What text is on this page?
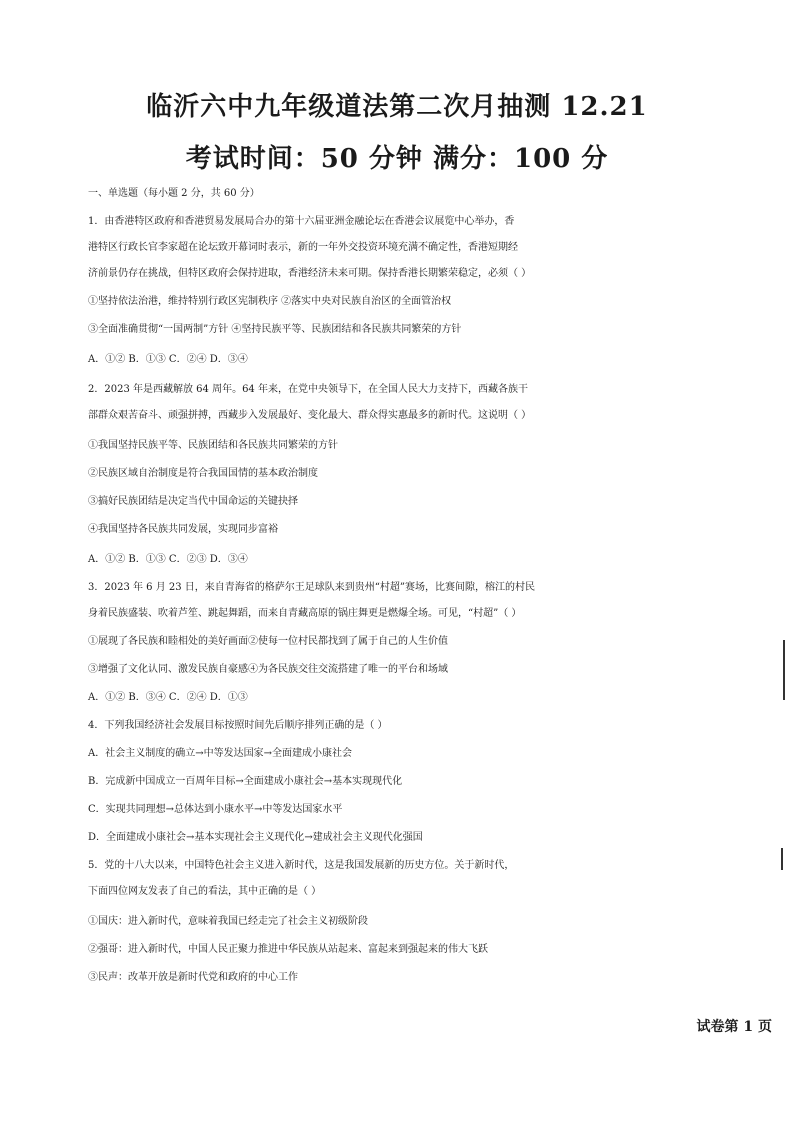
临沂六中九年级道法第二次月抽测 12.21
考试时间：50 分钟 满分：100 分
一、单选题（每小题 2 分，共 60 分）
1．由香港特区政府和香港贸易发展局合办的第十六届亚洲金融论坛在香港会议展览中心举办，香
港特区行政长官李家超在论坛致开幕词时表示，新的一年外交投资环境充满不确定性，香港短期经
济前景仍存在挑战，但特区政府会保持进取，香港经济未来可期。保持香港长期繁荣稳定，必须（ ）
①坚持依法治港，维持特别行政区宪制秩序 ②落实中央对民族自治区的全面管治权
③全面准确贯彻“一国两制”方针 ④坚持民族平等、民族团结和各民族共同繁荣的方针
A．①② B．①③ C．②④ D．③④
2．2023 年是西藏解放 64 周年。64 年来，在党中央领导下，在全国人民大力支持下，西藏各族干
部群众艰苦奋斗、顽强拼搏，西藏步入发展最好、变化最大、群众得实惠最多的新时代。这说明（ ）
①我国坚持民族平等、民族团结和各民族共同繁荣的方针
②民族区域自治制度是符合我国国情的基本政治制度
③搞好民族团结是决定当代中国命运的关键抉择
④我国坚持各民族共同发展，实现同步富裕
A．①② B．①③ C．②③ D．③④
3．2023 年 6 月 23 日，来自青海省的格萨尔王足球队来到贵州“村超”赛场，比赛间隙，榕江的村民
身着民族盛装、吹着芦笙、跳起舞蹈，而来自青藏高原的锅庄舞更是燃爆全场。可见，“村超”（ ）
①展现了各民族和睦相处的美好画面②使每一位村民都找到了属于自己的人生价值
③增强了文化认同、激发民族自豪感④为各民族交往交流搭建了唯一的平台和场域
A．①② B．③④ C．②④ D．①③
4．下列我国经济社会发展目标按照时间先后顺序排列正确的是（ ）
A．社会主义制度的确立→中等发达国家→全面建成小康社会
B．完成新中国成立一百周年目标→全面建成小康社会→基本实现现代化
C．实现共同理想→总体达到小康水平→中等发达国家水平
D．全面建成小康社会→基本实现社会主义现代化→建成社会主义现代化强国
5．党的十八大以来，中国特色社会主义进入新时代，这是我国发展新的历史方位。关于新时代，
下面四位网友发表了自己的看法，其中正确的是（ ）
①国庆：进入新时代，意味着我国已经走完了社会主义初级阶段
②强哥：进入新时代，中国人民正聚力推进中华民族从站起来、富起来到强起来的伟大飞跃
③民声：改革开放是新时代党和政府的中心工作
试卷第 1 页
